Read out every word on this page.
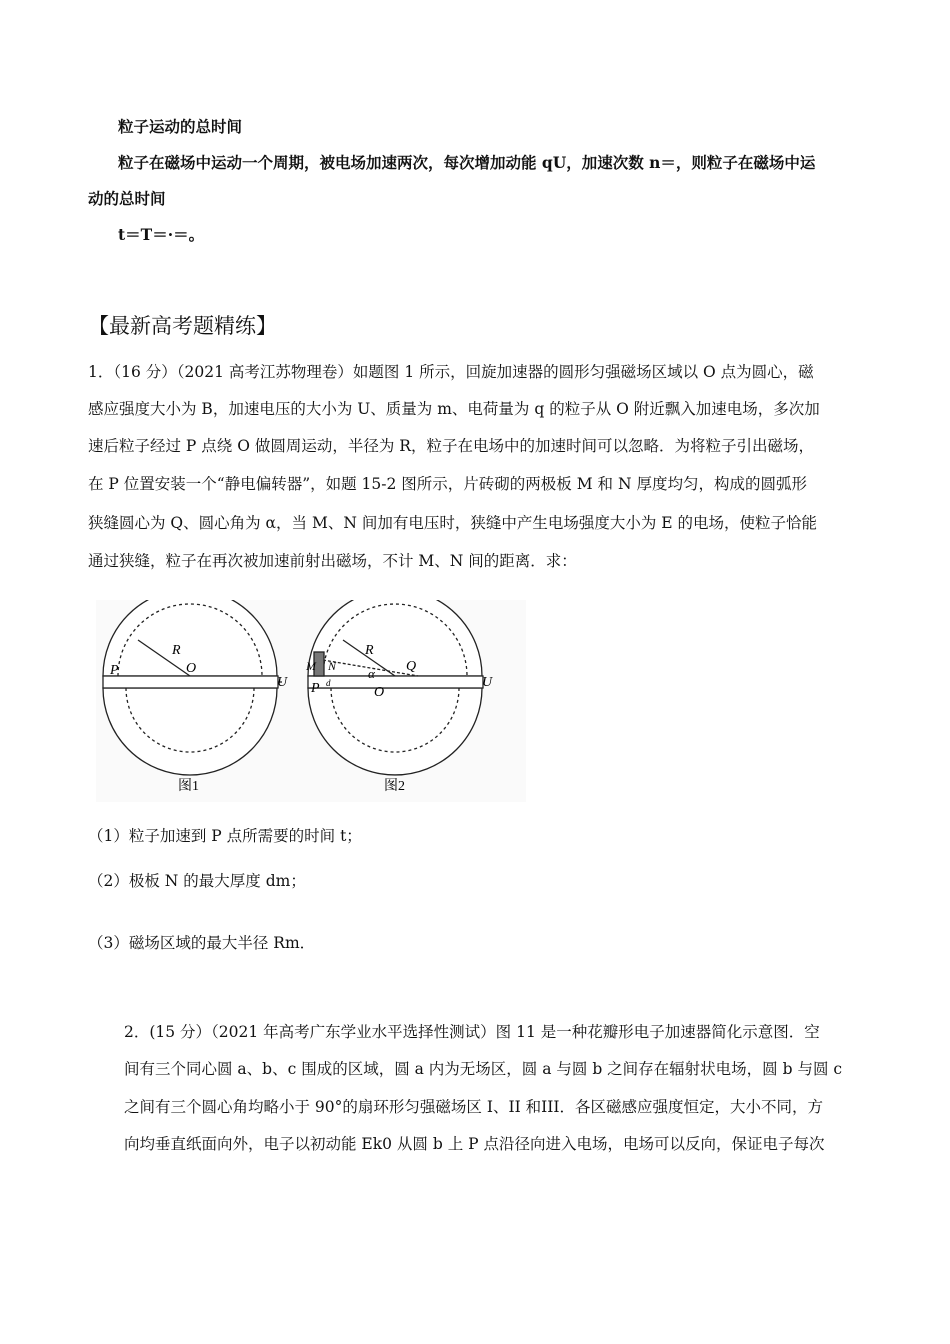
粒子运动的总时间
粒子在磁场中运动一个周期，被电场加速两次，每次增加动能 qU，加速次数 n＝，则粒子在磁场中运
动的总时间
t＝T＝·＝。
【最新高考题精练】
1．（16 分）（2021 高考江苏物理卷）如题图 1 所示，回旋加速器的圆形匀强磁场区域以 O 点为圆心，磁
感应强度大小为 B，加速电压的大小为 U、质量为 m、电荷量为 q 的粒子从 O 附近飘入加速电场，多次加
速后粒子经过 P 点绕 O 做圆周运动，半径为 R，粒子在电场中的加速时间可以忽略．为将粒子引出磁场，
在 P 位置安装一个“静电偏转器”，如题 15-2 图所示，片砖砌的两极板 M 和 N 厚度均匀，构成的圆弧形
狭缝圆心为 Q、圆心角为 α，当 M、N 间加有电压时，狭缝中产生电场强度大小为 E 的电场，使粒子恰能
通过狭缝，粒子在再次被加速前射出磁场，不计 M、N 间的距离．求：
R
O
P
U
图1
R
O
Q
α
M N
P d	U
图2
（1）粒子加速到 P 点所需要的时间 t；
（2）极板 N 的最大厚度 dm；
（3）磁场区域的最大半径 Rm．
2．(15 分）（2021 年高考广东学业水平选择性测试）图 11 是一种花瓣形电子加速器简化示意图．空
间有三个同心圆 a、b、c 围成的区域，圆 a 内为无场区，圆 a 与圆 b 之间存在辐射状电场，圆 b 与圆 c
之间有三个圆心角均略小于 90°的扇环形匀强磁场区 I、II 和III．各区磁感应强度恒定，大小不同，方
向均垂直纸面向外，电子以初动能 Ek0 从圆 b 上 P 点沿径向进入电场，电场可以反向，保证电子每次
